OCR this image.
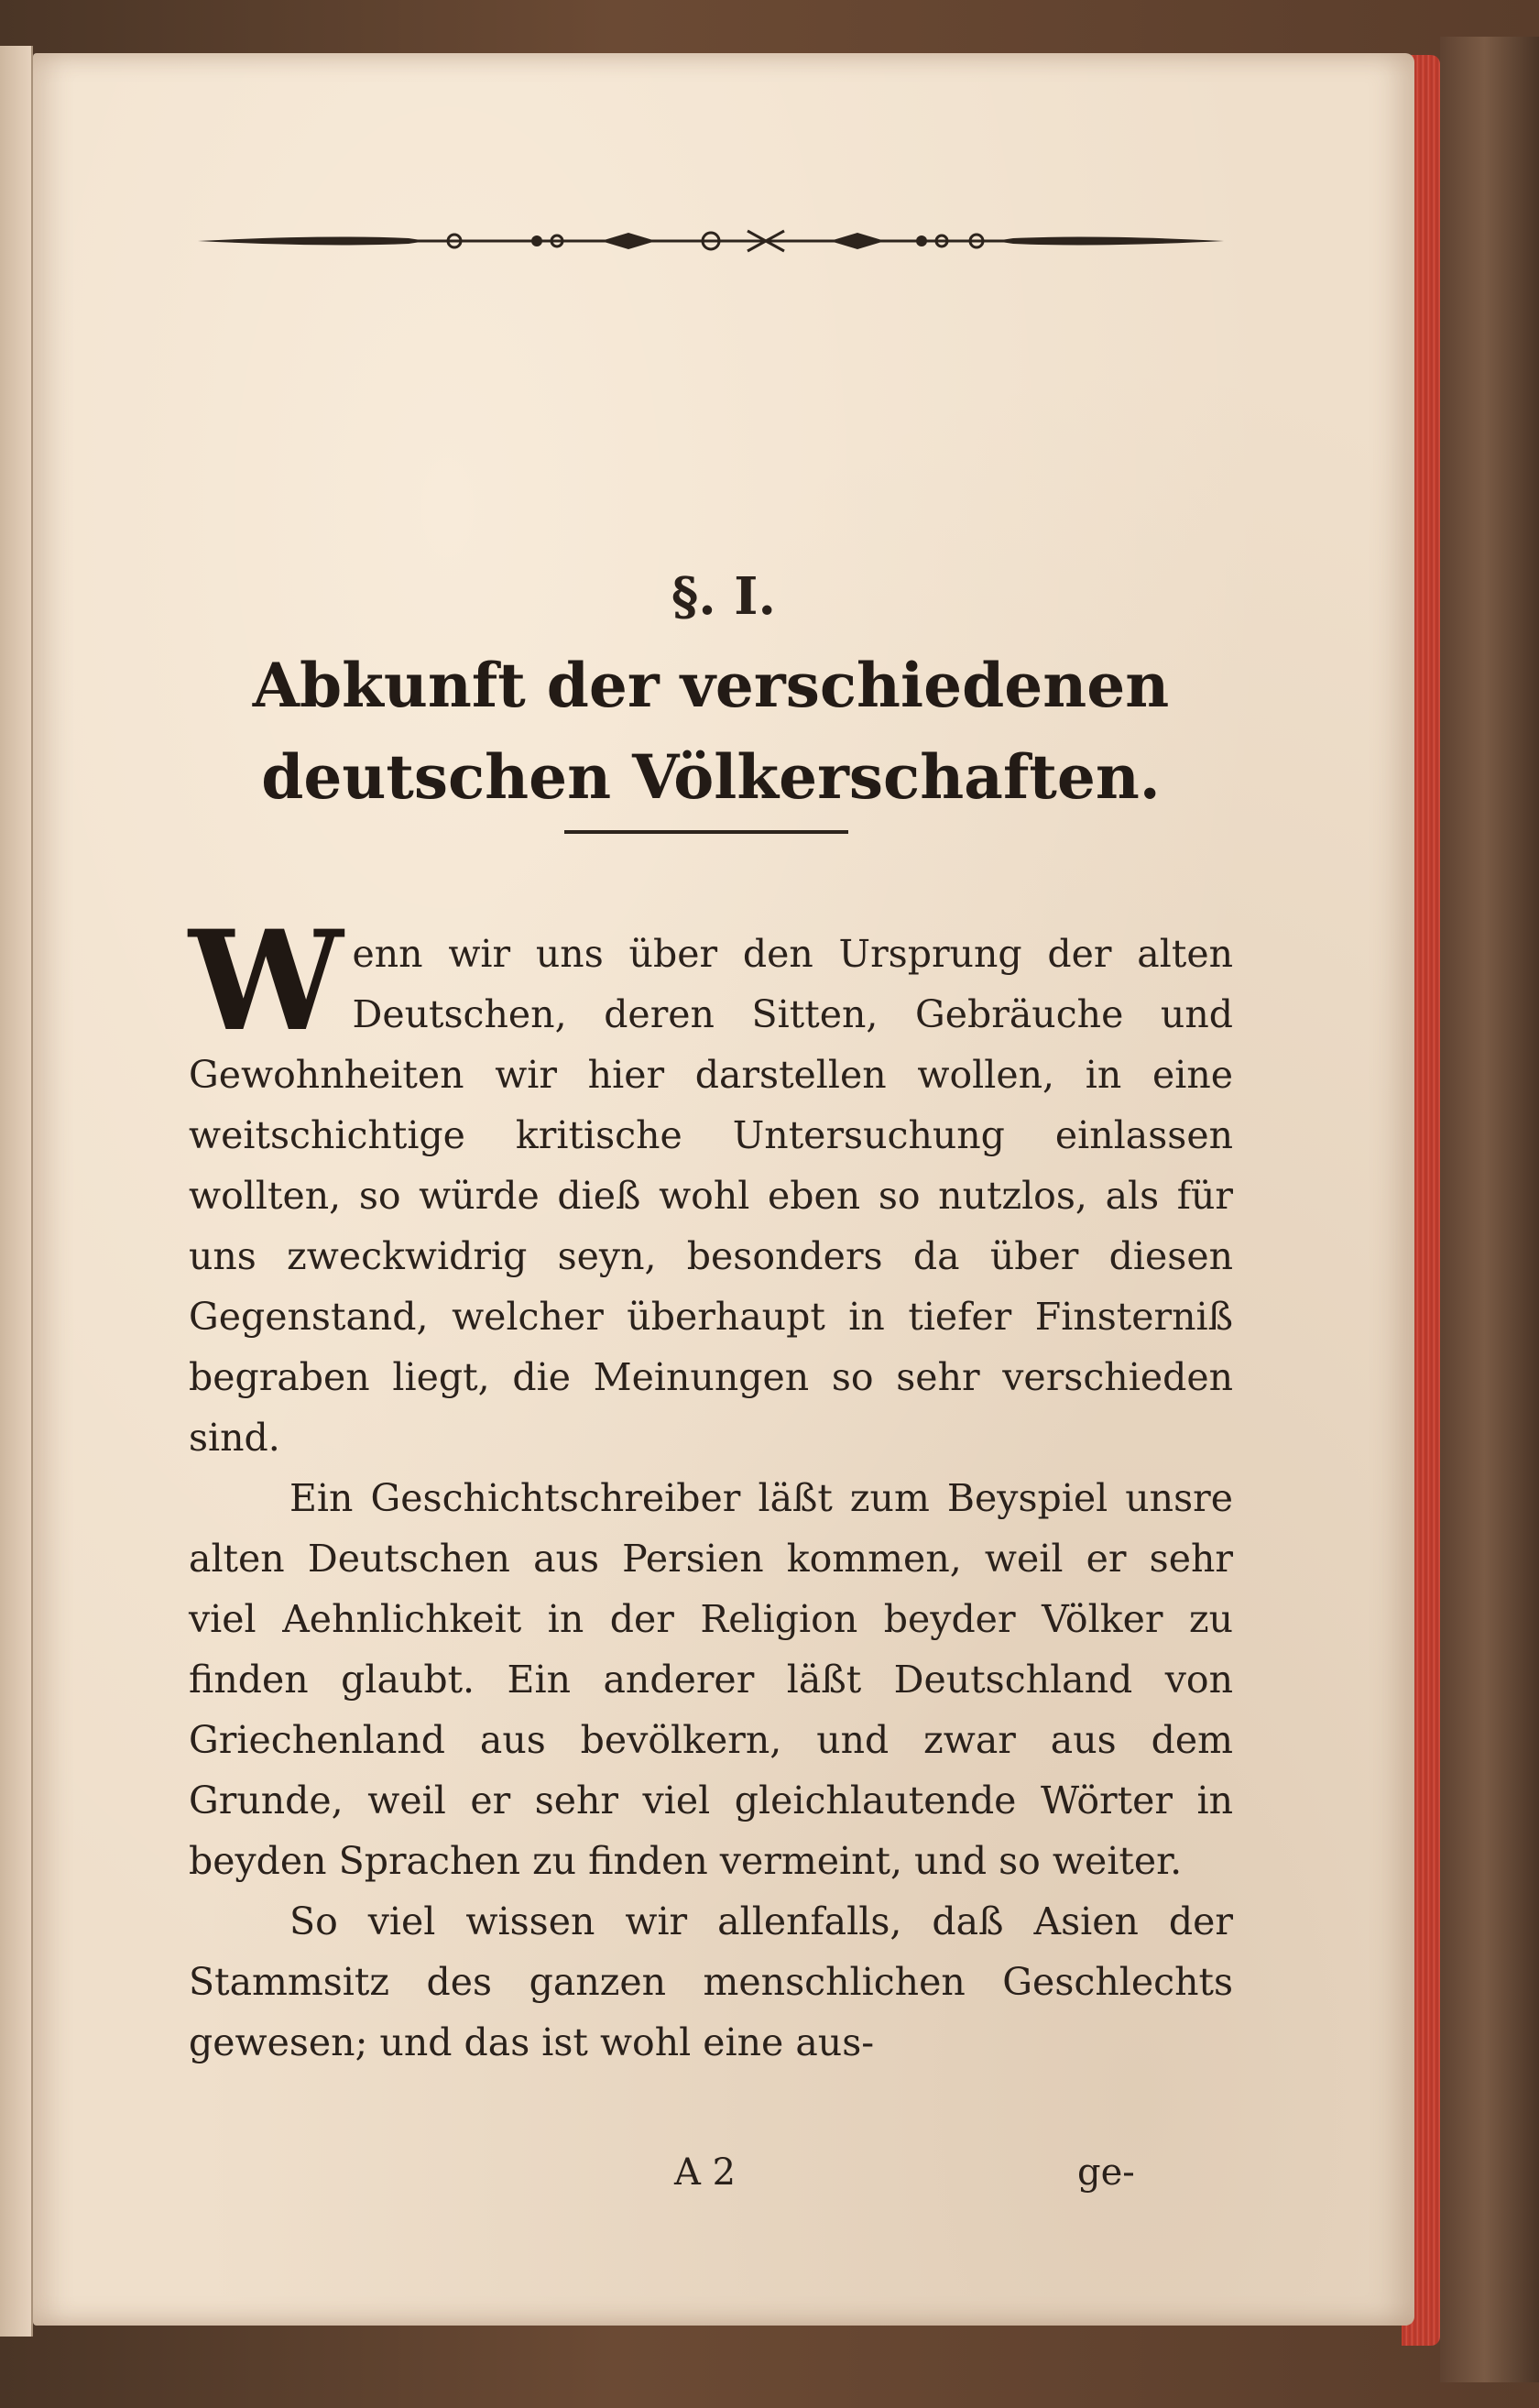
§. I.
Abkunft der verschiedenen deutschen Völkerschaften.

Wenn wir uns über den Ursprung der alten Deutschen, deren Sitten, Gebräuche und Gewohnheiten wir hier darstellen wollen, in eine weitschichtige kritische Untersuchung einlassen wollten, so würde dieß wohl eben so nutzlos, als für uns zweckwidrig seyn, besonders da über diesen Gegenstand, welcher überhaupt in tiefer Finsterniß begraben liegt, die Meinungen so sehr verschieden sind.

Ein Geschichtschreiber läßt zum Beyspiel unsre alten Deutschen aus Persien kommen, weil er sehr viel Aehnlichkeit in der Religion beyder Völker zu finden glaubt. Ein anderer läßt Deutschland von Griechenland aus bevölkern, und zwar aus dem Grunde, weil er sehr viel gleichlautende Wörter in beyden Sprachen zu finden vermeint, und so weiter.

So viel wissen wir allenfalls, daß Asien der Stammsitz des ganzen menschlichen Geschlechts gewesen; und das ist wohl eine aus-

A 2	ge-
